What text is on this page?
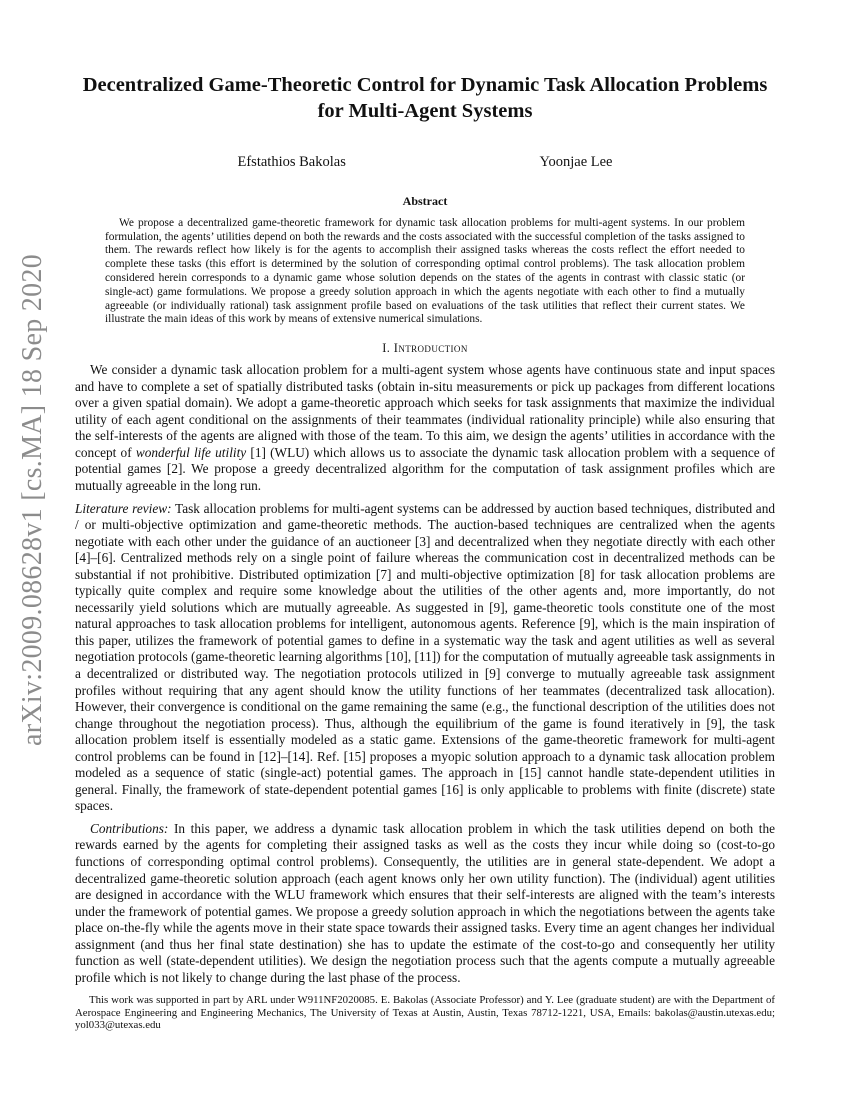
arXiv:2009.08628v1 [cs.MA] 18 Sep 2020
Decentralized Game-Theoretic Control for Dynamic Task Allocation Problems for Multi-Agent Systems
Efstathios Bakolas	Yoonjae Lee
Abstract

We propose a decentralized game-theoretic framework for dynamic task allocation problems for multi-agent systems. In our problem formulation, the agents’ utilities depend on both the rewards and the costs associated with the successful completion of the tasks assigned to them. The rewards reflect how likely is for the agents to accomplish their assigned tasks whereas the costs reflect the effort needed to complete these tasks (this effort is determined by the solution of corresponding optimal control problems). The task allocation problem considered herein corresponds to a dynamic game whose solution depends on the states of the agents in contrast with classic static (or single-act) game formulations. We propose a greedy solution approach in which the agents negotiate with each other to find a mutually agreeable (or individually rational) task assignment profile based on evaluations of the task utilities that reflect their current states. We illustrate the main ideas of this work by means of extensive numerical simulations.

I. Introduction

We consider a dynamic task allocation problem for a multi-agent system whose agents have continuous state and input spaces and have to complete a set of spatially distributed tasks (obtain in-situ measurements or pick up packages from different locations over a given spatial domain). We adopt a game-theoretic approach which seeks for task assignments that maximize the individual utility of each agent conditional on the assignments of their teammates (individual rationality principle) while also ensuring that the self-interests of the agents are aligned with those of the team. To this aim, we design the agents’ utilities in accordance with the concept of wonderful life utility [1] (WLU) which allows us to associate the dynamic task allocation problem with a sequence of potential games [2]. We propose a greedy decentralized algorithm for the computation of task assignment profiles which are mutually agreeable in the long run.

Literature review: Task allocation problems for multi-agent systems can be addressed by auction based techniques, distributed and / or multi-objective optimization and game-theoretic methods. The auction-based techniques are centralized when the agents negotiate with each other under the guidance of an auctioneer [3] and decentralized when they negotiate directly with each other [4]–[6]. Centralized methods rely on a single point of failure whereas the communication cost in decentralized methods can be substantial if not prohibitive. Distributed optimization [7] and multi-objective optimization [8] for task allocation problems are typically quite complex and require some knowledge about the utilities of the other agents and, more importantly, do not necessarily yield solutions which are mutually agreeable. As suggested in [9], game-theoretic tools constitute one of the most natural approaches to task allocation problems for intelligent, autonomous agents. Reference [9], which is the main inspiration of this paper, utilizes the framework of potential games to define in a systematic way the task and agent utilities as well as several negotiation protocols (game-theoretic learning algorithms [10], [11]) for the computation of mutually agreeable task assignments in a decentralized or distributed way. The negotiation protocols utilized in [9] converge to mutually agreeable task assignment profiles without requiring that any agent should know the utility functions of her teammates (decentralized task allocation). However, their convergence is conditional on the game remaining the same (e.g., the functional description of the utilities does not change throughout the negotiation process). Thus, although the equilibrium of the game is found iteratively in [9], the task allocation problem itself is essentially modeled as a static game. Extensions of the game-theoretic framework for multi-agent control problems can be found in [12]–[14]. Ref. [15] proposes a myopic solution approach to a dynamic task allocation problem modeled as a sequence of static (single-act) potential games. The approach in [15] cannot handle state-dependent utilities in general. Finally, the framework of state-dependent potential games [16] is only applicable to problems with finite (discrete) state spaces.

Contributions: In this paper, we address a dynamic task allocation problem in which the task utilities depend on both the rewards earned by the agents for completing their assigned tasks as well as the costs they incur while doing so (cost-to-go functions of corresponding optimal control problems). Consequently, the utilities are in general state-dependent. We adopt a decentralized game-theoretic solution approach (each agent knows only her own utility function). The (individual) agent utilities are designed in accordance with the WLU framework which ensures that their self-interests are aligned with the team’s interests under the framework of potential games. We propose a greedy solution approach in which the negotiations between the agents take place on-the-fly while the agents move in their state space towards their assigned tasks. Every time an agent changes her individual assignment (and thus her final state destination) she has to update the estimate of the cost-to-go and consequently her utility function as well (state-dependent utilities). We design the negotiation process such that the agents compute a mutually agreeable profile which is not likely to change during the last phase of the process.

This work was supported in part by ARL under W911NF2020085. E. Bakolas (Associate Professor) and Y. Lee (graduate student) are with the Department of Aerospace Engineering and Engineering Mechanics, The University of Texas at Austin, Austin, Texas 78712-1221, USA, Emails: bakolas@austin.utexas.edu; yol033@utexas.edu
